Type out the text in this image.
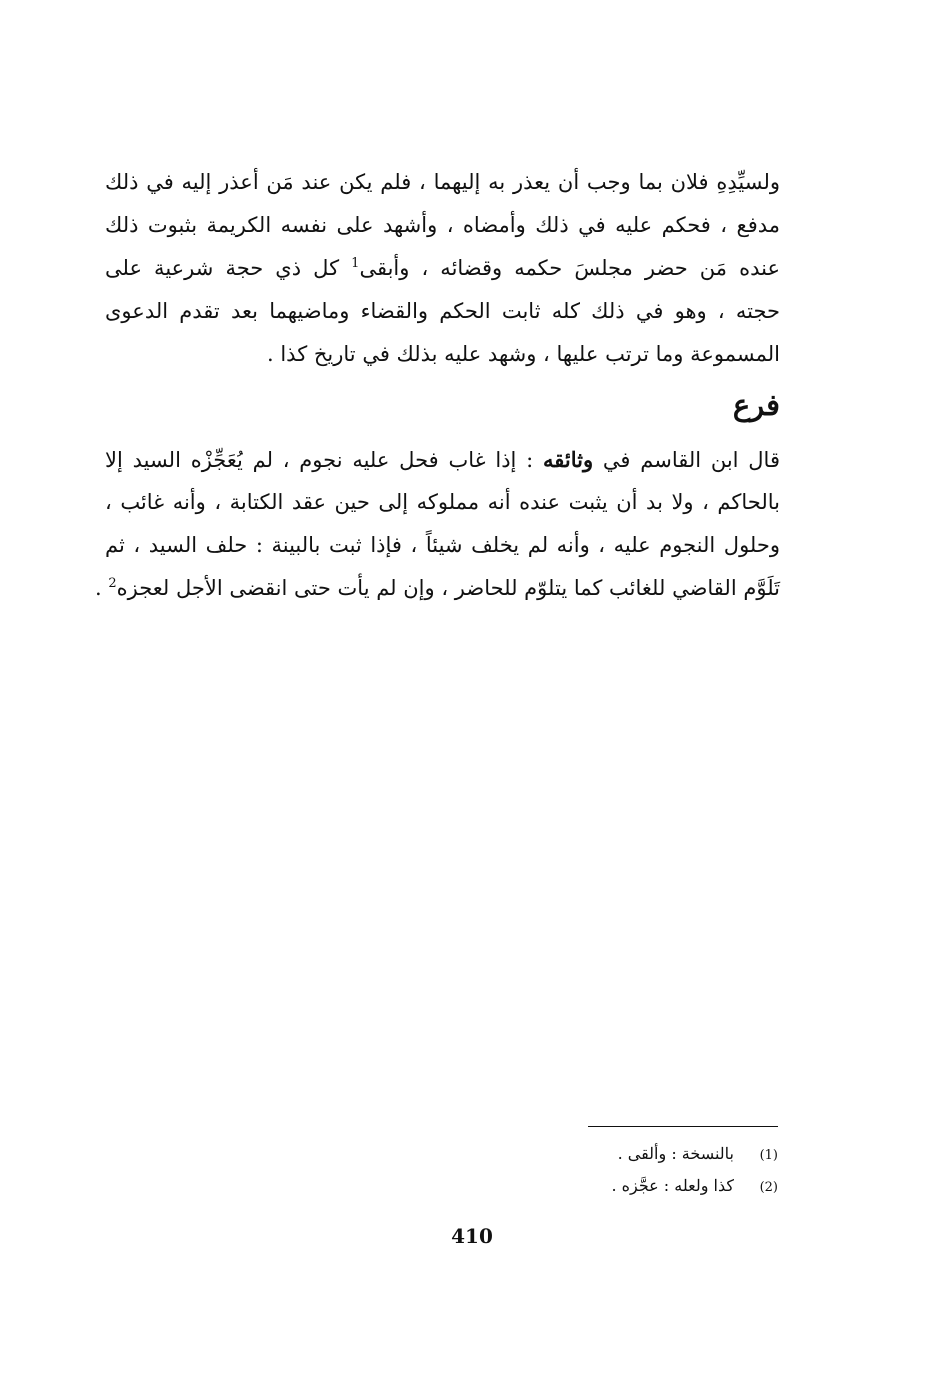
ولسيِّدِهِ فلان بما وجب أن يعذر به إليهما ، فلم يكن عند مَن أعذر إليه في ذلك
مدفع ، فحكم عليه في ذلك وأمضاه ، وأشهد على نفسه الكريمة بثبوت ذلك
عنده مَن حضر مجلسَ حكمه وقضائه ، وأبقى$^1$ كل ذي حجة شرعية على
حجته ، وهو في ذلك كله ثابت الحكم والقضاء وماضيهما بعد تقدم الدعوى
المسموعة وما ترتب عليها ، وشهد عليه بذلك في تاريخ كذا .
فرع
قال ابن القاسم في وثائقه : إذا غاب فحل عليه نجوم ، لم يُعَجِّزْه السيد إلا
بالحاكم ، ولا بد أن يثبت عنده أنه مملوكه إلى حين عقد الكتابة ، وأنه غائب ،
وحلول النجوم عليه ، وأنه لم يخلف شيئاً ، فإذا ثبت بالبينة : حلف السيد ، ثم
تَلَوَّم القاضي للغائب كما يتلوّم للحاضر ، وإن لم يأت حتى انقضى الأجل لعجزه$^2$ .
(1)بالنسخة : وألقى .
(2)كذا ولعله : عجَّزه .
410
